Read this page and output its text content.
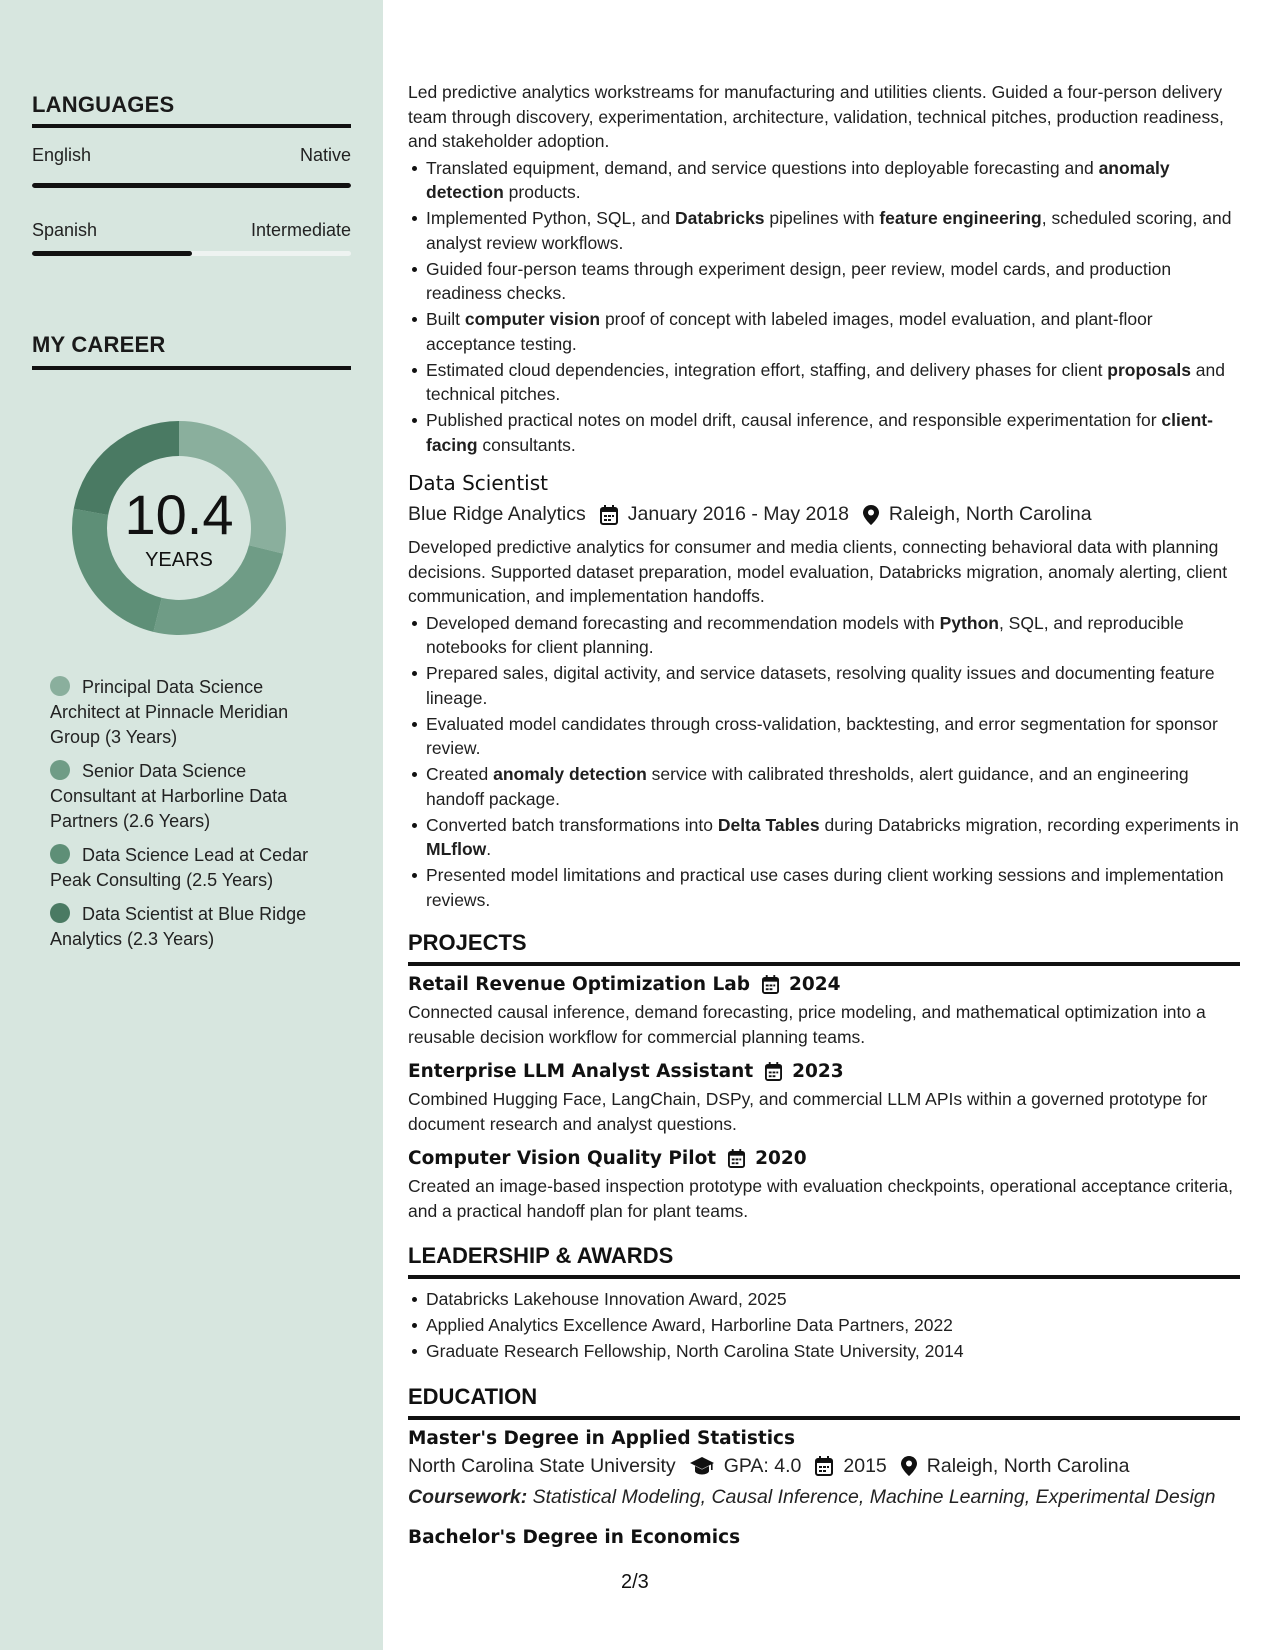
LANGUAGES
English	Native
Spanish	Intermediate
MY CAREER
10.4
YEARS
Principal Data Science Architect at Pinnacle Meridian Group (3 Years)
Senior Data Science Consultant at Harborline Data Partners (2.6 Years)
Data Science Lead at Cedar Peak Consulting (2.5 Years)
Data Scientist at Blue Ridge Analytics (2.3 Years)

Led predictive analytics workstreams for manufacturing and utilities clients. Guided a four-person delivery team through discovery, experimentation, architecture, validation, technical pitches, production readiness, and stakeholder adoption.

Translated equipment, demand, and service questions into deployable forecasting and anomaly detection products.
Implemented Python, SQL, and Databricks pipelines with feature engineering, scheduled scoring, and analyst review workflows.
Guided four-person teams through experiment design, peer review, model cards, and production readiness checks.
Built computer vision proof of concept with labeled images, model evaluation, and plant-floor acceptance testing.
Estimated cloud dependencies, integration effort, staffing, and delivery phases for client proposals and technical pitches.
Published practical notes on model drift, causal inference, and responsible experimentation for client-facing consultants.
Data Scientist
Blue Ridge Analytics January 2016 - May 2018 Raleigh, North Carolina

Developed predictive analytics for consumer and media clients, connecting behavioral data with planning decisions. Supported dataset preparation, model evaluation, Databricks migration, anomaly alerting, client communication, and implementation handoffs.

Developed demand forecasting and recommendation models with Python, SQL, and reproducible notebooks for client planning.
Prepared sales, digital activity, and service datasets, resolving quality issues and documenting feature lineage.
Evaluated model candidates through cross-validation, backtesting, and error segmentation for sponsor review.
Created anomaly detection service with calibrated thresholds, alert guidance, and an engineering handoff package.
Converted batch transformations into Delta Tables during Databricks migration, recording experiments in MLflow.
Presented model limitations and practical use cases during client working sessions and implementation reviews.
PROJECTS
Retail Revenue Optimization Lab 2024

Connected causal inference, demand forecasting, price modeling, and mathematical optimization into a reusable decision workflow for commercial planning teams.

Enterprise LLM Analyst Assistant 2023

Combined Hugging Face, LangChain, DSPy, and commercial LLM APIs within a governed prototype for document research and analyst questions.

Computer Vision Quality Pilot 2020

Created an image-based inspection prototype with evaluation checkpoints, operational acceptance criteria, and a practical handoff plan for plant teams.

LEADERSHIP & AWARDS
Databricks Lakehouse Innovation Award, 2025
Applied Analytics Excellence Award, Harborline Data Partners, 2022
Graduate Research Fellowship, North Carolina State University, 2014
EDUCATION
Master's Degree in Applied Statistics
North Carolina State University GPA: 4.0 2015 Raleigh, North Carolina
Coursework: Statistical Modeling, Causal Inference, Machine Learning, Experimental Design
Bachelor's Degree in Economics
2/3
